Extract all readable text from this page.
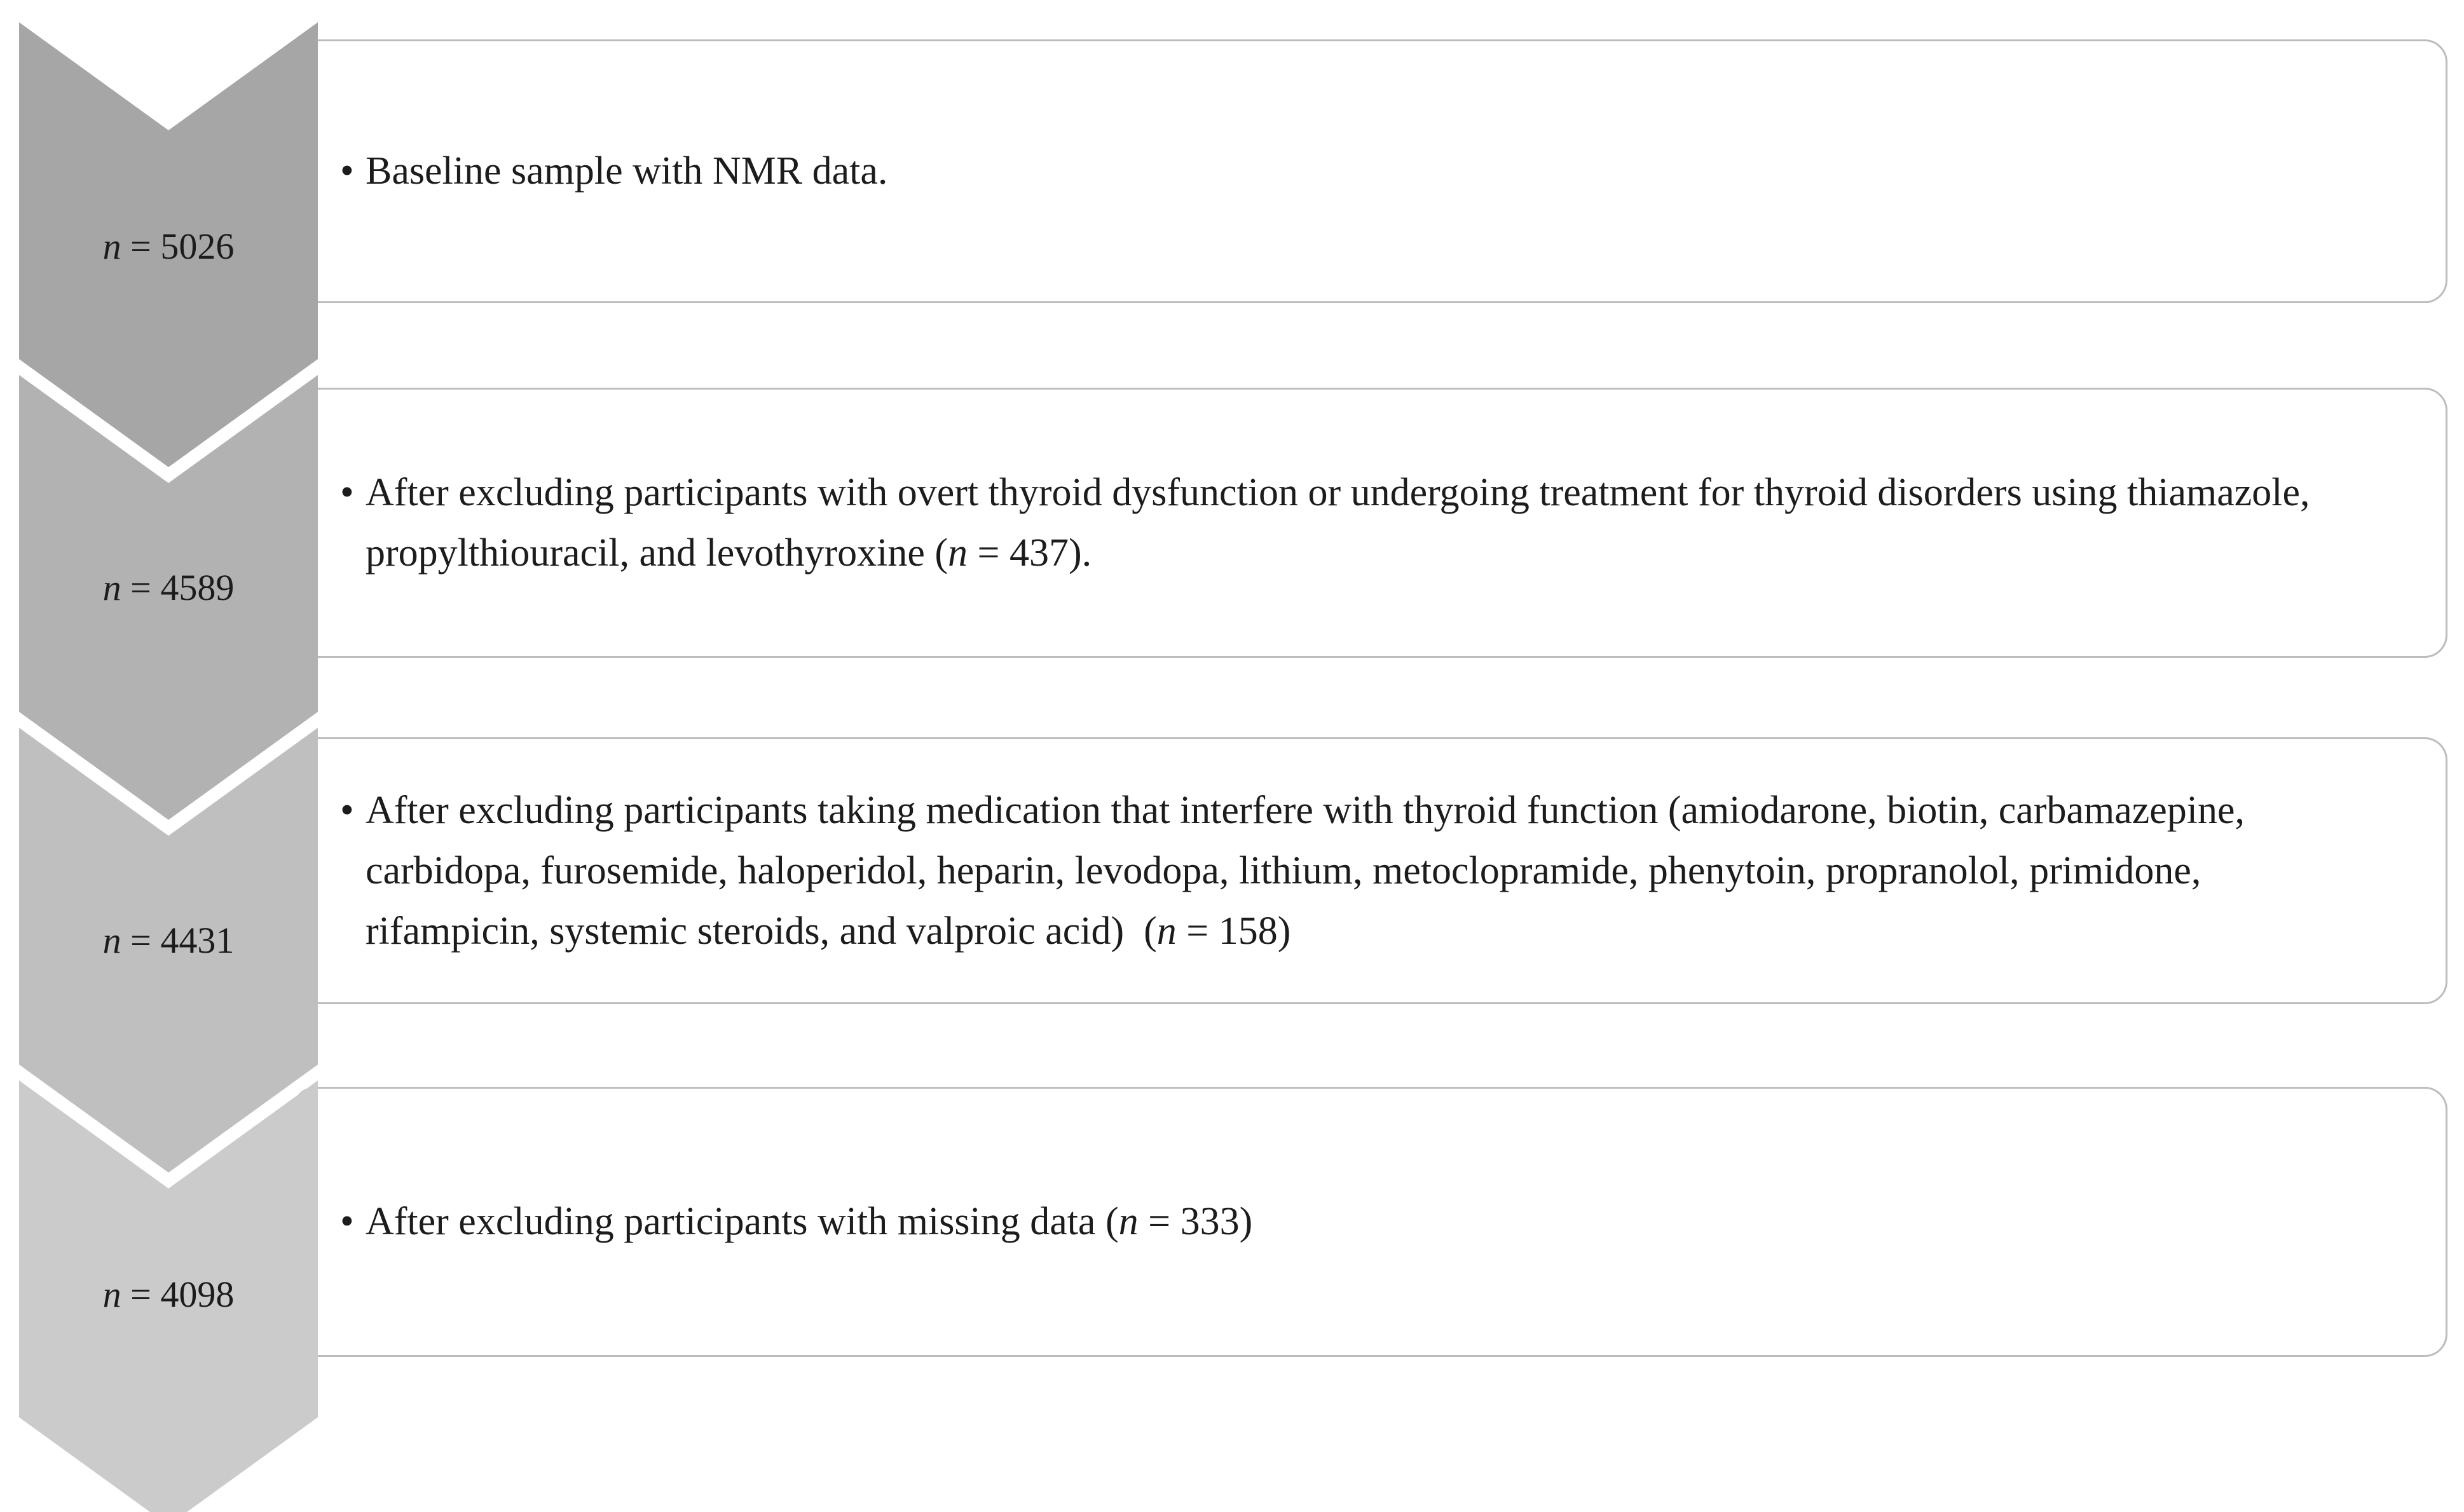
n = 5026
• Baseline sample with NMR data.
n = 4589
• After excluding participants with overt thyroid dysfunction or undergoing treatment for thyroid disorders using thiamazole, propylthiouracil, and levothyroxine (n = 437).
n = 4431
• After excluding participants taking medication that interfere with thyroid function (amiodarone, biotin, carbamazepine, carbidopa, furosemide, haloperidol, heparin, levodopa, lithium, metoclopramide, phenytoin, propranolol, primidone, rifampicin, systemic steroids, and valproic acid)  (n = 158)
n = 4098
• After excluding participants with missing data (n = 333)
